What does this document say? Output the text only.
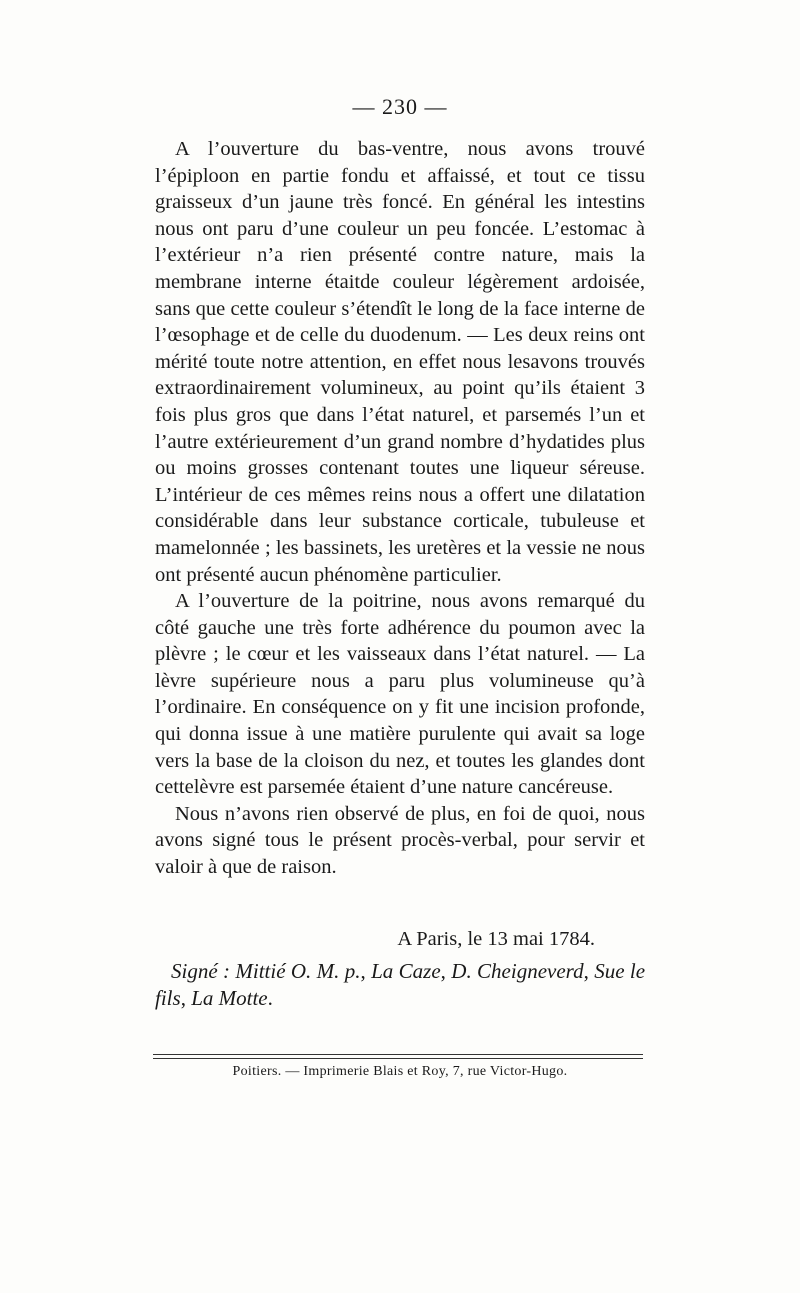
— 230 —

A l’ouverture du bas-ventre, nous avons trouvé l’épiploon en partie fondu et affaissé, et tout ce tissu graisseux d’un jaune très foncé. En général les intestins nous ont paru d’une couleur un peu foncée. L’estomac à l’extérieur n’a rien présenté contre nature, mais la membrane interne étaitde couleur légèrement ardoisée, sans que cette couleur s’étendît le long de la face interne de l’œsophage et de celle du duodenum. — Les deux reins ont mérité toute notre attention, en effet nous lesavons trouvés extraordinairement volumineux, au point qu’ils étaient 3 fois plus gros que dans l’état naturel, et parsemés l’un et l’autre extérieurement d’un grand nombre d’hydatides plus ou moins grosses contenant toutes une liqueur séreuse. L’intérieur de ces mêmes reins nous a offert une dilatation considérable dans leur substance corticale, tubuleuse et mamelonnée ; les bassinets, les uretères et la vessie ne nous ont présenté aucun phénomène particulier.

A l’ouverture de la poitrine, nous avons remarqué du côté gauche une très forte adhérence du poumon avec la plèvre ; le cœur et les vaisseaux dans l’état naturel. — La lèvre supérieure nous a paru plus volumineuse qu’à l’ordinaire. En conséquence on y fit une incision profonde, qui donna issue à une matière purulente qui avait sa loge vers la base de la cloison du nez, et toutes les glandes dont cettelèvre est parsemée étaient d’une nature cancéreuse.

Nous n’avons rien observé de plus, en foi de quoi, nous avons signé tous le présent procès-verbal, pour servir et valoir à que de raison.

A Paris, le 13 mai 1784.
Signé : Mittié O. M. p., La Caze, D. Cheigneverd, Sue le fils, La Motte.
Poitiers. — Imprimerie Blais et Roy, 7, rue Victor-Hugo.
